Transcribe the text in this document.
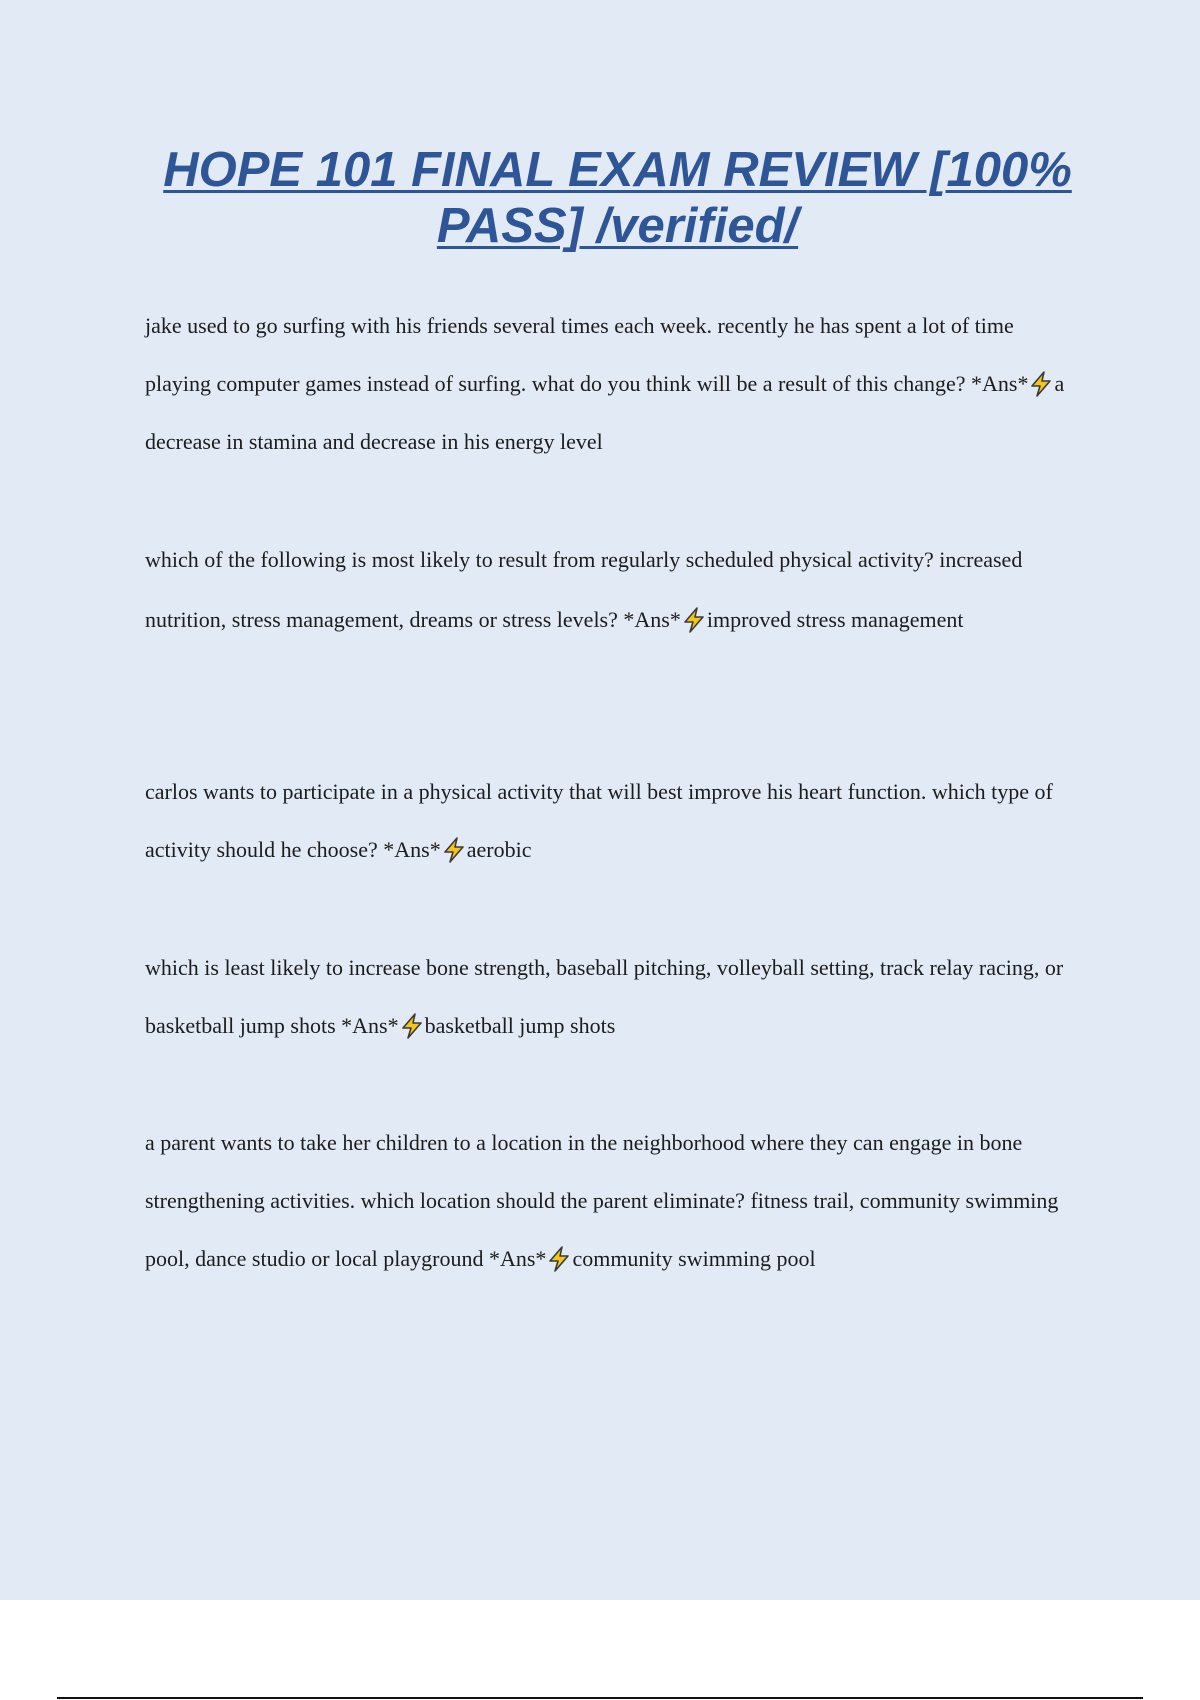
HOPE 101 FINAL EXAM REVIEW [100% PASS] /verified/

jake used to go surfing with his friends several times each week. recently he has spent a lot of time playing computer games instead of surfing. what do you think will be a result of this change? *Ans* a decrease in stamina and decrease in his energy level

which of the following is most likely to result from regularly scheduled physical activity? increased nutrition, stress management, dreams or stress levels? *Ans* improved stress management

carlos wants to participate in a physical activity that will best improve his heart function. which type of activity should he choose? *Ans* aerobic

which is least likely to increase bone strength, baseball pitching, volleyball setting, track relay racing, or basketball jump shots *Ans* basketball jump shots

a parent wants to take her children to a location in the neighborhood where they can engage in bone strengthening activities. which location should the parent eliminate? fitness trail, community swimming pool, dance studio or local playground *Ans* community swimming pool
